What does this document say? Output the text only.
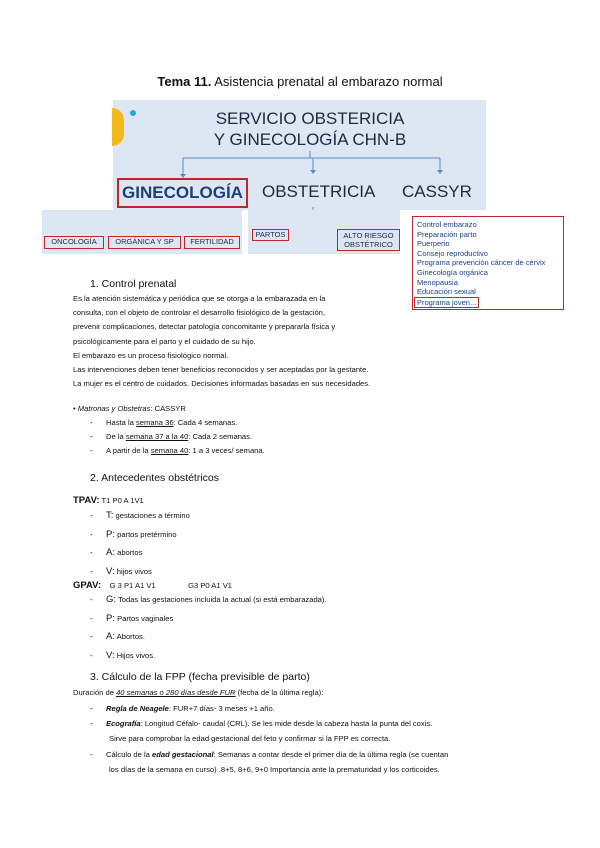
Tema 11. Asistencia prenatal al embarazo normal
SERVICIO OBSTERICIA
Y GINECOLOGÍA CHN-B
GINECOLOGÍA OBSTETRICIA CASSYR
ONCOLOGÍA	ORGÁNICA Y SP	FERTILIDAD
PARTOS	ALTO RIESGO
OBSTÉTRICO
Control embarazo
Preparación parto
Puerperio
Consejo reproductivo
Programa prevención cáncer de cérvix
Ginecología orgánica
Menopausia
Educación sexual
Programa joven...
1. Control prenatal
Es la atención sistemática y periódica que se otorga a la embarazada en la
consulta, con el objeto de controlar el desarrollo fisiológico de la gestación,
prevenir complicaciones, detectar patología concomitante y prepararla física y
psicológicamente para el parto y el cuidado de su hijo.
El embarazo es un proceso fisiológico normal.
Las intervenciones deben tener beneficios reconocidos y ser aceptadas por la gestante.
La mujer es el centro de cuidados. Decisiones informadas basadas en sus necesidades.
• Matronas y Obstetras: CASSYR
-      Hasta la semana 36: Cada 4 semanas.
-      De la semana 37 a la 40: Cada 2 semanas.
-      A partir de la semana 40: 1 a 3 veces/ semana.
2. Antecedentes obstétricos
TPAV: T1 P0 A 1V1
-      T: gestaciones a término
-      P: partos pretérmino
-      A: abortos
-      V: hijos vivos
GPAV: G 3 P1 A1 V1	G3 P0 A1 V1
-      G: Todas las gestaciones incluida la actual (si está embarazada).
-      P: Partos vaginales
-      A: Abortos.
-      V: Hijos vivos.
3. Cálculo de la FPP (fecha previsible de parto)
Duración de 40 semanas o 280 días desde FUR (fecha de la última regla):
-      Regla de Neagele: FUR+7 días- 3 meses +1 año.
-      Ecografía: Longitud Céfalo- caudal (CRL). Se les mide desde la cabeza hasta la punta del coxis.
Sirve para comprobar la edad gestacional del feto y confirmar si la FPP es correcta.
-      Cálculo de la edad gestacional: Semanas a contar desde el primer día de la última regla (se cuentan
los días de la semana en curso) .8+5, 8+6, 9+0 Importancia ante la prematuridad y los corticoides.
